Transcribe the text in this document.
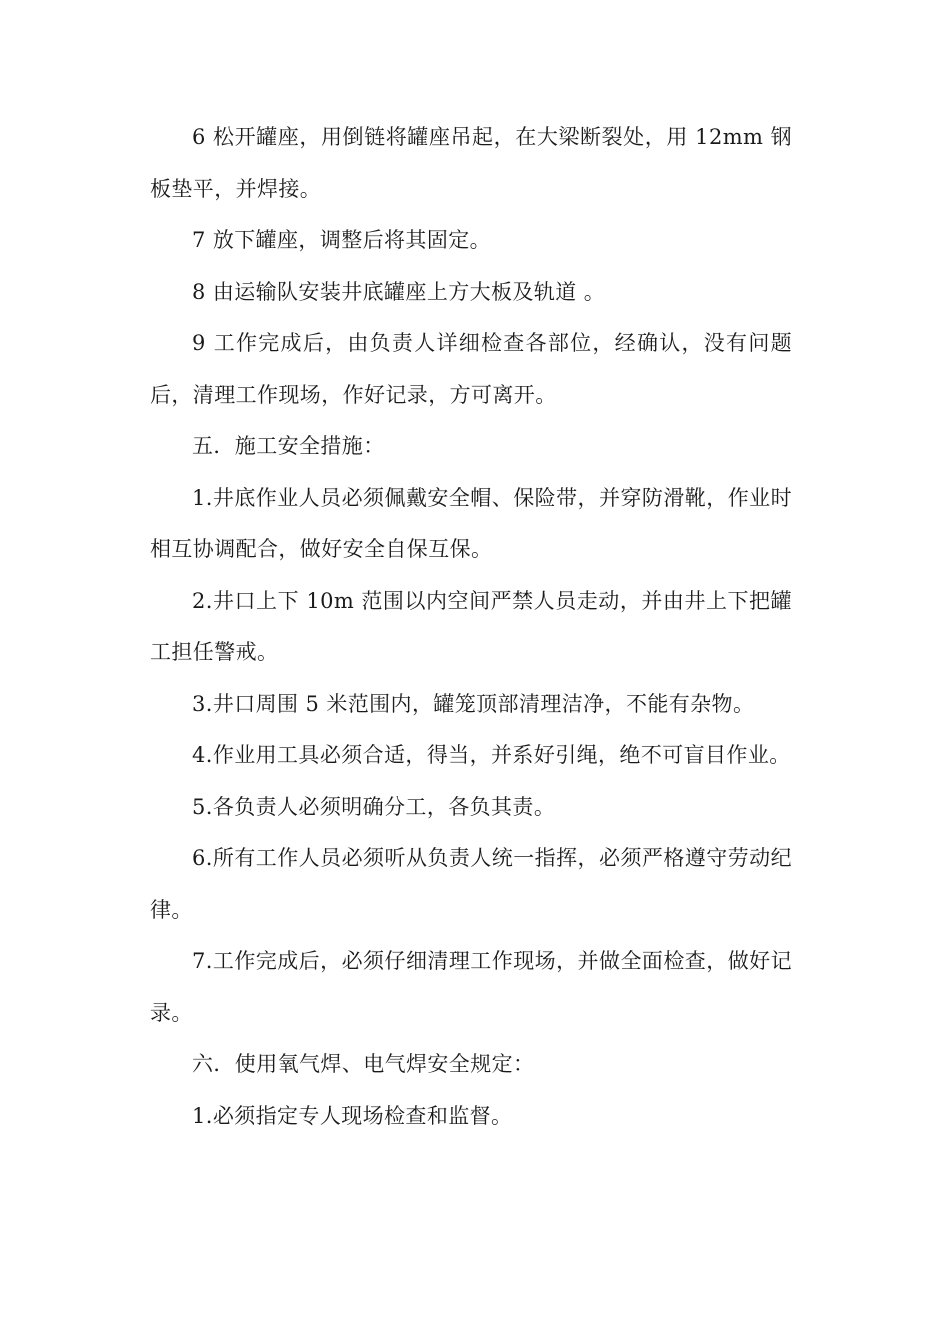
6 松开罐座，用倒链将罐座吊起，在大梁断裂处，用 12mm 钢板垫平，并焊接。

7 放下罐座，调整后将其固定。

8 由运输队安装井底罐座上方大板及轨道 。

9 工作完成后，由负责人详细检查各部位，经确认，没有问题后，清理工作现场，作好记录，方可离开。

五．施工安全措施：

1.井底作业人员必须佩戴安全帽、保险带，并穿防滑靴，作业时相互协调配合，做好安全自保互保。

2.井口上下 10m 范围以内空间严禁人员走动，并由井上下把罐工担任警戒。

3.井口周围 5 米范围内，罐笼顶部清理洁净，不能有杂物。

4.作业用工具必须合适，得当，并系好引绳，绝不可盲目作业。

5.各负责人必须明确分工，各负其责。

6.所有工作人员必须听从负责人统一指挥，必须严格遵守劳动纪律。

7.工作完成后，必须仔细清理工作现场，并做全面检查，做好记录。

六．使用氧气焊、电气焊安全规定：

1.必须指定专人现场检查和监督。
